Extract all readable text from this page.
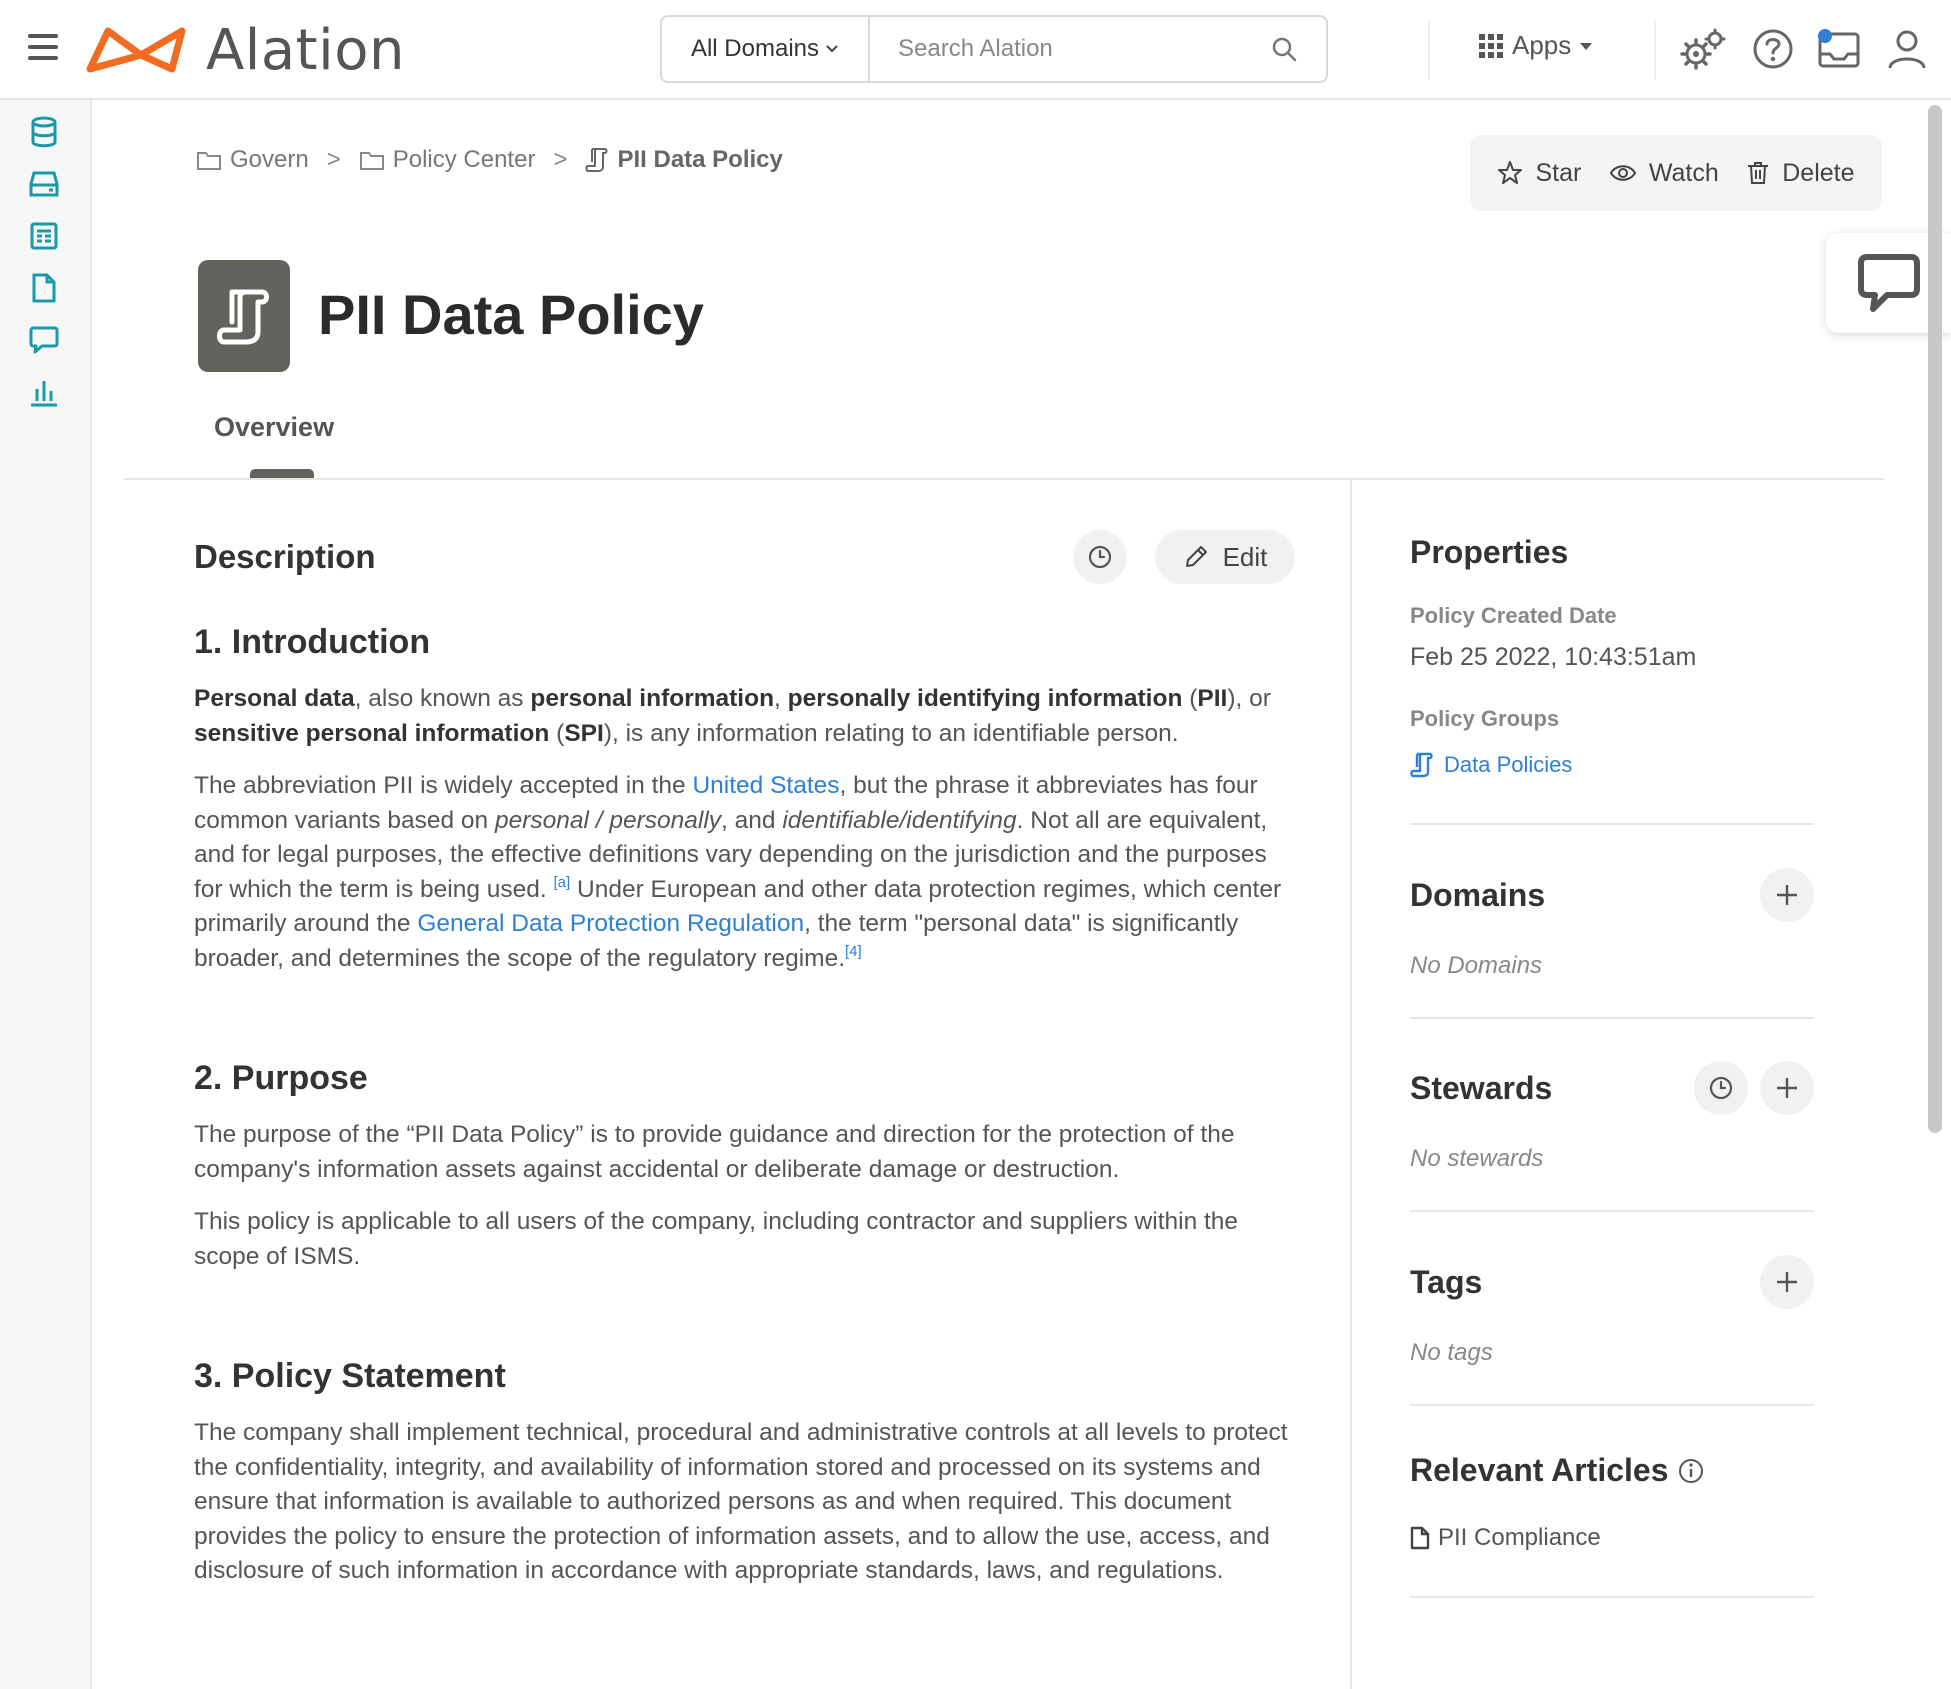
Alation	All Domains
Search Alation	Apps
Govern > Policy Center > PII Data Policy	Star	Watch	Delete
PII Data Policy
Overview
Description	Edit
1. Introduction

Personal data, also known as personal information, personally identifying information (PII), or sensitive personal information (SPI), is any information relating to an identifiable person.

The abbreviation PII is widely accepted in the United States, but the phrase it abbreviates has four common variants based on personal / personally, and identifiable/identifying. Not all are equivalent, and for legal purposes, the effective definitions vary depending on the jurisdiction and the purposes for which the term is being used. [a] Under European and other data protection regimes, which center primarily around the General Data Protection Regulation, the term "personal data" is significantly broader, and determines the scope of the regulatory regime.[4]

2. Purpose

The purpose of the “PII Data Policy” is to provide guidance and direction for the protection of the company's information assets against accidental or deliberate damage or destruction.

This policy is applicable to all users of the company, including contractor and suppliers within the scope of ISMS.

3. Policy Statement

The company shall implement technical, procedural and administrative controls at all levels to protect the confidentiality, integrity, and availability of information stored and processed on its systems and ensure that information is available to authorized persons as and when required. This document provides the policy to ensure the protection of information assets, and to allow the use, access, and disclosure of such information in accordance with appropriate standards, laws, and regulations.

Properties
Policy Created Date
Feb 25 2022, 10:43:51am
Policy Groups
Data Policies
Domains
No Domains
Stewards
No stewards
Tags
No tags
Relevant Articles
PII Compliance
